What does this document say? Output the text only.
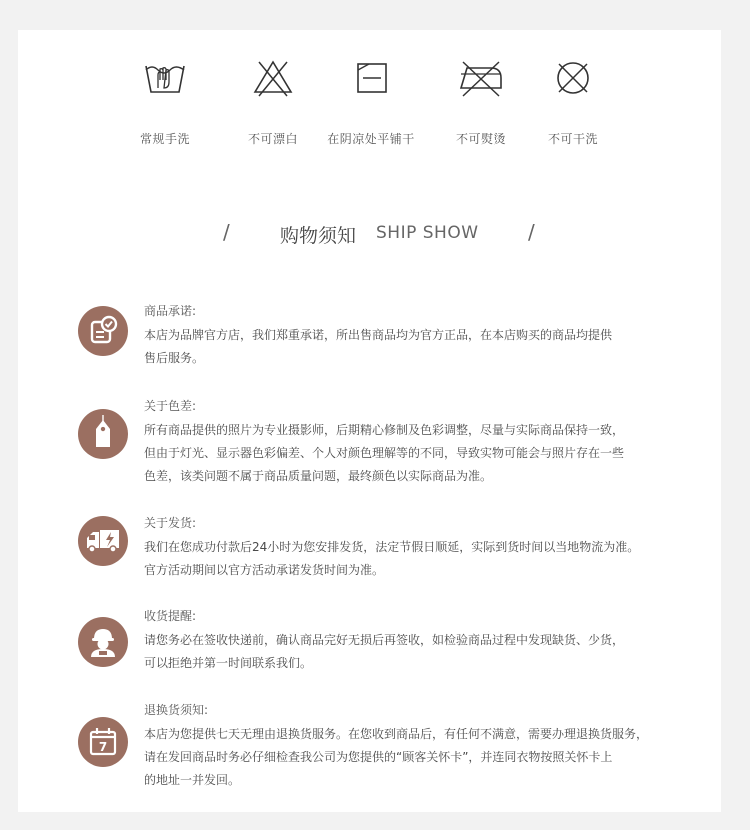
常规手洗	不可漂白	在阴凉处平铺干	不可熨烫	不可干洗
/	购物须知 SHIP SHOW /
商品承诺:
本店为品牌官方店，我们郑重承诺，所出售商品均为官方正品，在本店购买的商品均提供
售后服务。
关于色差:
所有商品提供的照片为专业摄影师，后期精心修制及色彩调整，尽量与实际商品保持一致，
但由于灯光、显示器色彩偏差、个人对颜色理解等的不同，导致实物可能会与照片存在一些
色差，该类问题不属于商品质量问题，最终颜色以实际商品为准。
关于发货:
我们在您成功付款后24小时为您安排发货，法定节假日顺延，实际到货时间以当地物流为准。
官方活动期间以官方活动承诺发货时间为准。
收货提醒:
请您务必在签收快递前，确认商品完好无损后再签收，如检验商品过程中发现缺货、少货，
可以拒绝并第一时间联系我们。
7
退换货须知:
本店为您提供七天无理由退换货服务。在您收到商品后，有任何不满意，需要办理退换货服务，
请在发回商品时务必仔细检查我公司为您提供的“顾客关怀卡”，并连同衣物按照关怀卡上
的地址一并发回。
